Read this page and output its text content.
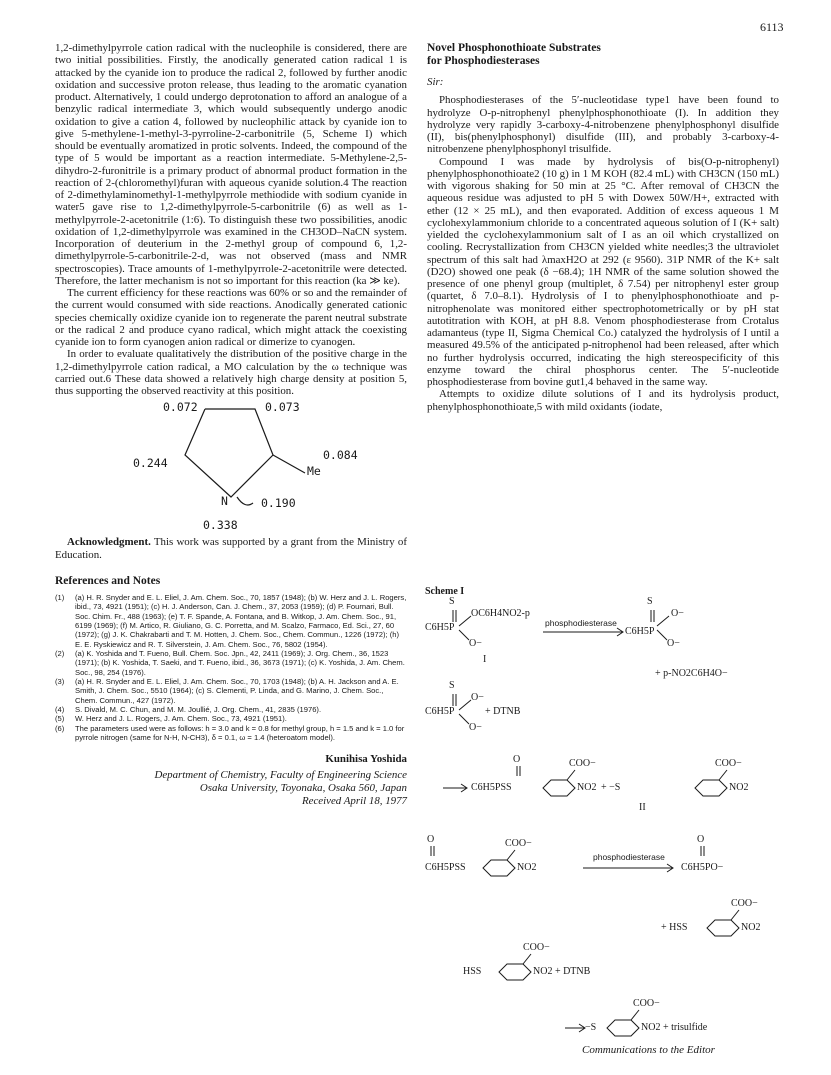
6113

1,2-dimethylpyrrole cation radical with the nucleophile is considered, there are two initial possibilities. Firstly, the anodically generated cation radical 1 is attacked by the cyanide ion to produce the radical 2, followed by further anodic oxidation and successive proton release, thus leading to the aromatic cyanation product. Alternatively, 1 could undergo deprotonation to afford an analogue of a benzylic radical intermediate 3, which would subsequently undergo anodic oxidation to give a cation 4, followed by nucleophilic attack by cyanide ion to give 5-methylene-1-methyl-3-pyrroline-2-carbonitrile (5, Scheme I) which should be eventually aromatized in protic solvents. Indeed, the compound of the type of 5 would be important as a reaction intermediate. 5-Methylene-2,5-dihydro-2-furonitrile is a primary product of abnormal product formation in the reaction of 2-(chloromethyl)furan with aqueous cyanide solution.4 The reaction of 2-dimethylaminomethyl-1-methylpyrrole methiodide with sodium cyanide in water5 gave rise to 1,2-dimethylpyrrole-5-carbonitrile (6) as well as 1-methylpyrrole-2-acetonitrile (1:6). To distinguish these two possibilities, anodic oxidation of 1,2-dimethylpyrrole was examined in the CH3OD–NaCN system. Incorporation of deuterium in the 2-methyl group of compound 6, 1,2-dimethylpyrrole-5-carbonitrile-2-d, was not observed (mass and NMR spectroscopies). Trace amounts of 1-methylpyrrole-2-acetonitrile were detected. Therefore, the latter mechanism is not so important for this reaction (ka ≫ ke).

The current efficiency for these reactions was 60% or so and the remainder of the current would consumed with side reactions. Anodically generated cationic species chemically oxidize cyanide ion to regenerate the parent neutral substrate or the radical 2 and produce cyano radical, which might attack the coexisting cyanide ion to form cyanogen anion radical or dimerize to cyanogen.

In order to evaluate qualitatively the distribution of the positive charge in the 1,2-dimethylpyrrole cation radical, a MO calculation by the ω technique was carried out.6 These data showed a relatively high charge density at position 5, thus supporting the observed reactivity at this position.

0.072	0.073
0.084
0.244
Me
N	0.190
0.338

Acknowledgment. This work was supported by a grant from the Ministry of Education.

References and Notes
(1)	(a) H. R. Snyder and E. L. Eliel, J. Am. Chem. Soc., 70, 1857 (1948); (b) W. Herz and J. L. Rogers, ibid., 73, 4921 (1951); (c) H. J. Anderson, Can. J. Chem., 37, 2053 (1959); (d) P. Fournari, Bull. Soc. Chim. Fr., 488 (1963); (e) T. F. Spande, A. Fontana, and B. Witkop, J. Am. Chem. Soc., 91, 6199 (1969); (f) M. Artico, R. Giuliano, G. C. Porretta, and M. Scalzo, Farmaco, Ed. Sci., 27, 60 (1972); (g) J. K. Chakrabarti and T. M. Hotten, J. Chem. Soc., Chem. Commun., 1226 (1972); (h) E. E. Ryskiewicz and R. T. Silverstein, J. Am. Chem. Soc., 76, 5802 (1954).
(2)	(a) K. Yoshida and T. Fueno, Bull. Chem. Soc. Jpn., 42, 2411 (1969); J. Org. Chem., 36, 1523 (1971); (b) K. Yoshida, T. Saeki, and T. Fueno, ibid., 36, 3673 (1971); (c) K. Yoshida, J. Am. Chem. Soc., 98, 254 (1976).
(3)	(a) H. R. Snyder and E. L. Eliel, J. Am. Chem. Soc., 70, 1703 (1948); (b) A. H. Jackson and A. E. Smith, J. Chem. Soc., 5510 (1964); (c) S. Clementi, P. Linda, and G. Marino, J. Chem. Soc., Chem. Commun., 427 (1972).
(4)	S. Divald, M. C. Chun, and M. M. Joullié, J. Org. Chem., 41, 2835 (1976).
(5)	W. Herz and J. L. Rogers, J. Am. Chem. Soc., 73, 4921 (1951).
(6)	The parameters used were as follows: h = 3.0 and k = 0.8 for methyl group, h = 1.5 and k = 1.0 for pyrrole nitrogen (same for N-H, N-CH3), δ = 0.1, ω = 1.4 (heteroatom model).
Kunihisa Yoshida
Department of Chemistry, Faculty of Engineering Science
Osaka University, Toyonaka, Osaka 560, Japan
Received April 18, 1977
Novel Phosphonothioate Substrates
for Phosphodiesterases
Sir:

Phosphodiesterases of the 5′-nucleotidase type1 have been found to hydrolyze O-p-nitrophenyl phenylphosphonothioate (I). In addition they hydrolyze very rapidly 3-carboxy-4-nitrobenzene phenylphosphonyl disulfide (II), bis(phenylphosphonyl) disulfide (III), and probably 3-carboxy-4-nitrobenzene phenylphosphonyl trisulfide.

Compound I was made by hydrolysis of bis(O-p-nitrophenyl) phenylphosphonothioate2 (10 g) in 1 M KOH (82.4 mL) with CH3CN (150 mL) with vigorous shaking for 50 min at 25 °C. After removal of CH3CN the aqueous residue was adjusted to pH 5 with Dowex 50W/H+, extracted with ether (12 × 25 mL), and then evaporated. Addition of excess aqueous 1 M cyclohexylammonium chloride to a concentrated aqueous solution of I (K+ salt) yielded the cyclohexylammonium salt of I as an oil which crystallized on cooling. Recrystallization from CH3CN yielded white needles;3 the ultraviolet spectrum of this salt had λmaxH2O at 292 (ε 9560). 31P NMR of the K+ salt (D2O) showed one peak (δ −68.4); 1H NMR of the same solution showed the presence of one phenyl group (multiplet, δ 7.54) per nitrophenyl ester group (quartet, δ 7.0–8.1). Hydrolysis of I to phenylphosphonothioate and p-nitrophenolate was monitored either spectrophotometrically or by pH stat autotitration with KOH, at pH 8.8. Venom phosphodiesterase from Crotalus adamanteus (type II, Sigma Chemical Co.) catalyzed the hydrolysis of I until a measured 49.5% of the anticipated p-nitrophenol had been released, after which no further hydrolysis occurred, indicating the high stereospecificity of this enzyme toward the chiral phosphorus center. The 5′-nucleotide phosphodiesterase from bovine gut1,4 behaved in the same way.

Attempts to oxidize dilute solutions of I and its hydrolysis product, phenylphosphonothioate,5 with mild oxidants (iodate,

Scheme I
S
OC6H4NO2-p
C6H5P
O−
phosphodiesterase
S
O−
C6H5P
O−
I
+ p-NO2C6H4O−
S
O−
C6H5P	+ DTNB
O−
O	COO−	COO−
C6H5PSS	NO2 + −S	NO2
II
O	COO−
phosphodiesterase
O
C6H5PSS	NO2	C6H5PO−
COO−
+ HSS	NO2
COO−
HSS	NO2 + DTNB
COO−
−S	NO2 + trisulfide
Communications to the Editor
